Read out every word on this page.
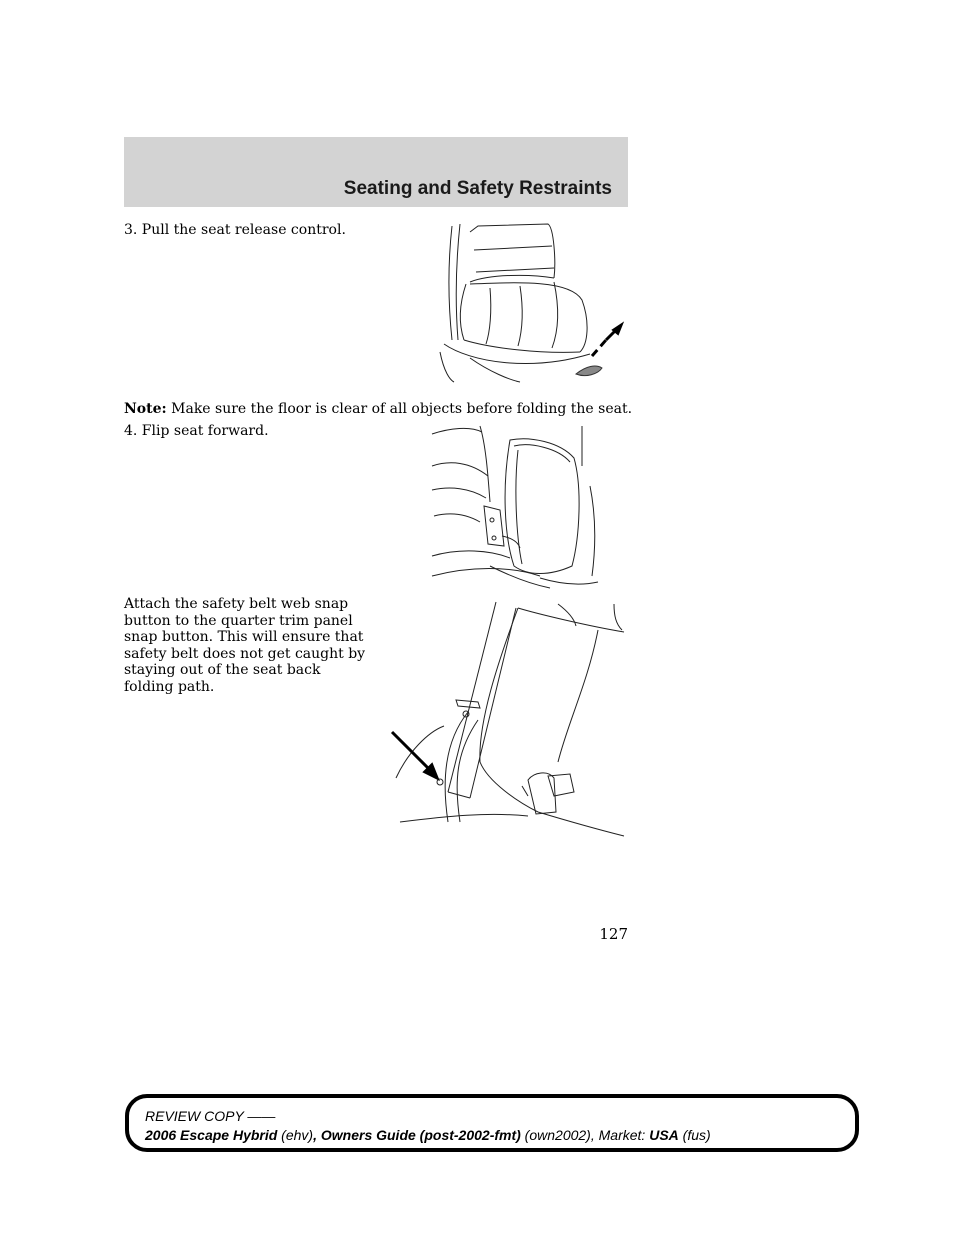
Seating and Safety Restraints
3. Pull the seat release control.
Note: Make sure the floor is clear of all objects before folding the seat.
4. Flip seat forward.
Attach the safety belt web snap button to the quarter trim panel snap button. This will ensure that safety belt does not get caught by staying out of the seat back folding path.
127
REVIEW COPY ——
2006 Escape Hybrid (ehv), Owners Guide (post-2002-fmt) (own2002), Market: USA (fus)
